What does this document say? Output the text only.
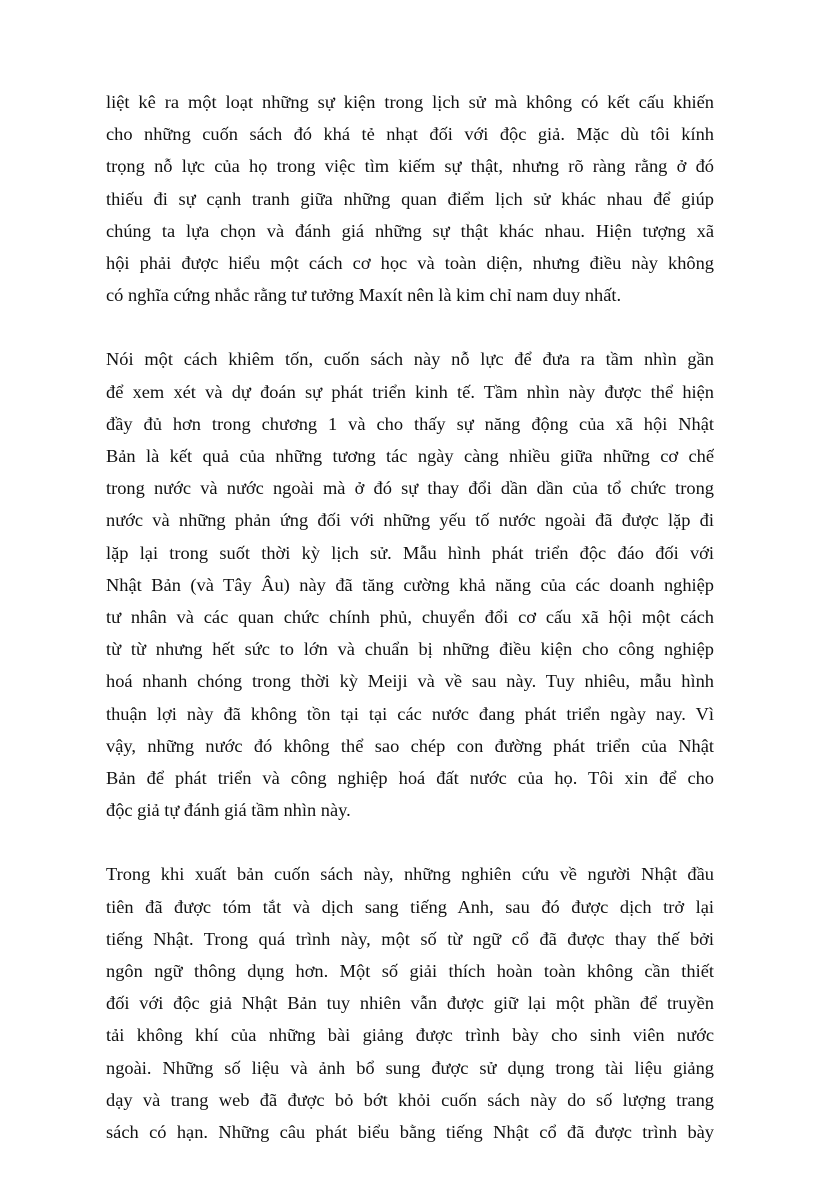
liệt kê ra một loạt những sự kiện trong lịch sử mà không có kết cấu khiến
cho những cuốn sách đó khá tẻ nhạt đối với độc giả. Mặc dù tôi kính
trọng nỗ lực của họ trong việc tìm kiếm sự thật, nhưng rõ ràng rằng ở đó
thiếu đi sự cạnh tranh giữa những quan điểm lịch sử khác nhau để giúp
chúng ta lựa chọn và đánh giá những sự thật khác nhau. Hiện tượng xã
hội phải được hiểu một cách cơ học và toàn diện, nhưng điều này không
có nghĩa cứng nhắc rằng tư tưởng Maxít nên là kim chỉ nam duy nhất.
Nói một cách khiêm tốn, cuốn sách này nỗ lực để đưa ra tầm nhìn gần
để xem xét và dự đoán sự phát triển kinh tế. Tầm nhìn này được thể hiện
đầy đủ hơn trong chương 1 và cho thấy sự năng động của xã hội Nhật
Bản là kết quả của những tương tác ngày càng nhiều giữa những cơ chế
trong nước và nước ngoài mà ở đó sự thay đổi dần dần của tổ chức trong
nước và những phản ứng đối với những yếu tố nước ngoài đã được lặp đi
lặp lại trong suốt thời kỳ lịch sử. Mẫu hình phát triển độc đáo đối với
Nhật Bản (và Tây Âu) này đã tăng cường khả năng của các doanh nghiệp
tư nhân và các quan chức chính phủ, chuyển đổi cơ cấu xã hội một cách
từ từ nhưng hết sức to lớn và chuẩn bị những điều kiện cho công nghiệp
hoá nhanh chóng trong thời kỳ Meiji và về sau này. Tuy nhiêu, mẫu hình
thuận lợi này đã không tồn tại tại các nước đang phát triển ngày nay. Vì
vậy, những nước đó không thể sao chép con đường phát triển của Nhật
Bản để phát triển và công nghiệp hoá đất nước của họ. Tôi xin để cho
độc giả tự đánh giá tầm nhìn này.
Trong khi xuất bản cuốn sách này, những nghiên cứu về người Nhật đầu
tiên đã được tóm tắt và dịch sang tiếng Anh, sau đó được dịch trở lại
tiếng Nhật. Trong quá trình này, một số từ ngữ cổ đã được thay thế bởi
ngôn ngữ thông dụng hơn. Một số giải thích hoàn toàn không cần thiết
đối với độc giả Nhật Bản tuy nhiên vẫn được giữ lại một phần để truyền
tải không khí của những bài giảng được trình bày cho sinh viên nước
ngoài. Những số liệu và ảnh bổ sung được sử dụng trong tài liệu giảng
dạy và trang web đã được bỏ bớt khỏi cuốn sách này do số lượng trang
sách có hạn. Những câu phát biểu bằng tiếng Nhật cổ đã được trình bày
